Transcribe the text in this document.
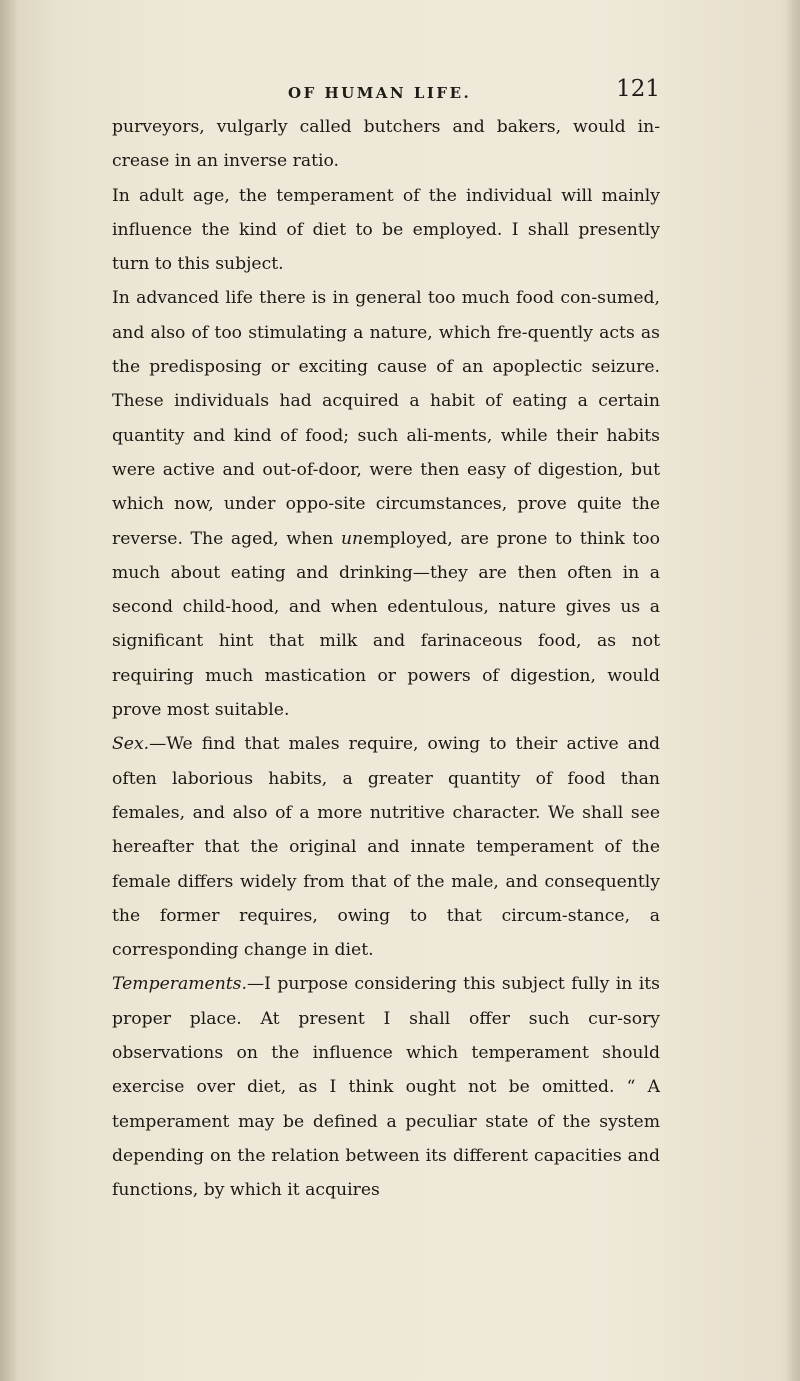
OF HUMAN LIFE.	121

purveyors, vulgarly called butchers and bakers, would in-crease in an inverse ratio.

In adult age, the temperament of the individual will mainly influence the kind of diet to be employed. I shall presently turn to this subject.

In advanced life there is in general too much food con-sumed, and also of too stimulating a nature, which fre-quently acts as the predisposing or exciting cause of an apoplectic seizure. These individuals had acquired a habit of eating a certain quantity and kind of food; such ali-ments, while their habits were active and out-of-door, were then easy of digestion, but which now, under oppo-site circumstances, prove quite the reverse. The aged, when unemployed, are prone to think too much about eating and drinking—they are then often in a second child-hood, and when edentulous, nature gives us a significant hint that milk and farinaceous food, as not requiring much mastication or powers of digestion, would prove most suitable.

Sex.—We find that males require, owing to their active and often laborious habits, a greater quantity of food than females, and also of a more nutritive character. We shall see hereafter that the original and innate temperament of the female differs widely from that of the male, and consequently the former requires, owing to that circum-stance, a corresponding change in diet.

Temperaments.—I purpose considering this subject fully in its proper place. At present I shall offer such cur-sory observations on the influence which temperament should exercise over diet, as I think ought not be omitted. “ A temperament may be defined a peculiar state of the system depending on the relation between its different capacities and functions, by which it acquires
